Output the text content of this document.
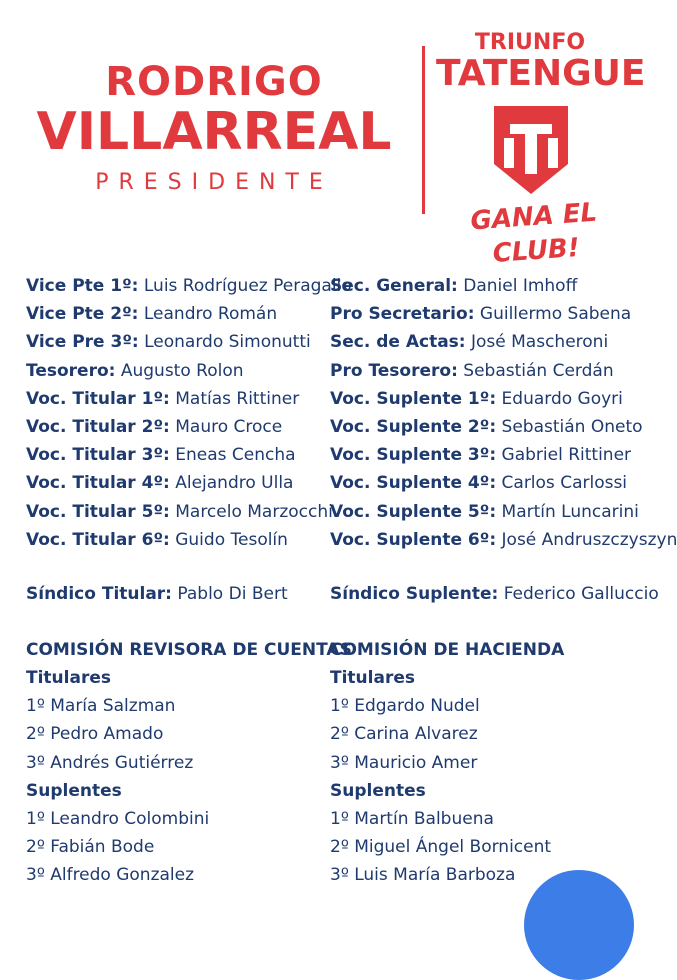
RODRIGO
VILLARREAL
PRESIDENTE
TRIUNFO
TATENGUE
GANA EL CLUB!
Vice Pte 1º: Luis Rodríguez Peragallo
Vice Pte 2º: Leandro Román
Vice Pre 3º: Leonardo Simonutti
Tesorero: Augusto Rolon
Voc. Titular 1º: Matías Rittiner
Voc. Titular 2º: Mauro Croce
Voc. Titular 3º: Eneas Cencha
Voc. Titular 4º: Alejandro Ulla
Voc. Titular 5º: Marcelo Marzocchi
Voc. Titular 6º: Guido Tesolín
Sec. General: Daniel Imhoff
Pro Secretario: Guillermo Sabena
Sec. de Actas: José Mascheroni
Pro Tesorero: Sebastián Cerdán
Voc. Suplente 1º: Eduardo Goyri
Voc. Suplente 2º: Sebastián Oneto
Voc. Suplente 3º: Gabriel Rittiner
Voc. Suplente 4º: Carlos Carlossi
Voc. Suplente 5º: Martín Luncarini
Voc. Suplente 6º: José Andruszczyszyn
Síndico Titular: Pablo Di Bert	Síndico Suplente: Federico Galluccio
COMISIÓN REVISORA DE CUENTAS
Titulares
1º María Salzman
2º Pedro Amado
3º Andrés Gutiérrez
Suplentes
1º Leandro Colombini
2º Fabián Bode
3º Alfredo Gonzalez
COMISIÓN DE HACIENDA
Titulares
1º Edgardo Nudel
2º Carina Alvarez
3º Mauricio Amer
Suplentes
1º Martín Balbuena
2º Miguel Ángel Bornicent
3º Luis María Barboza
